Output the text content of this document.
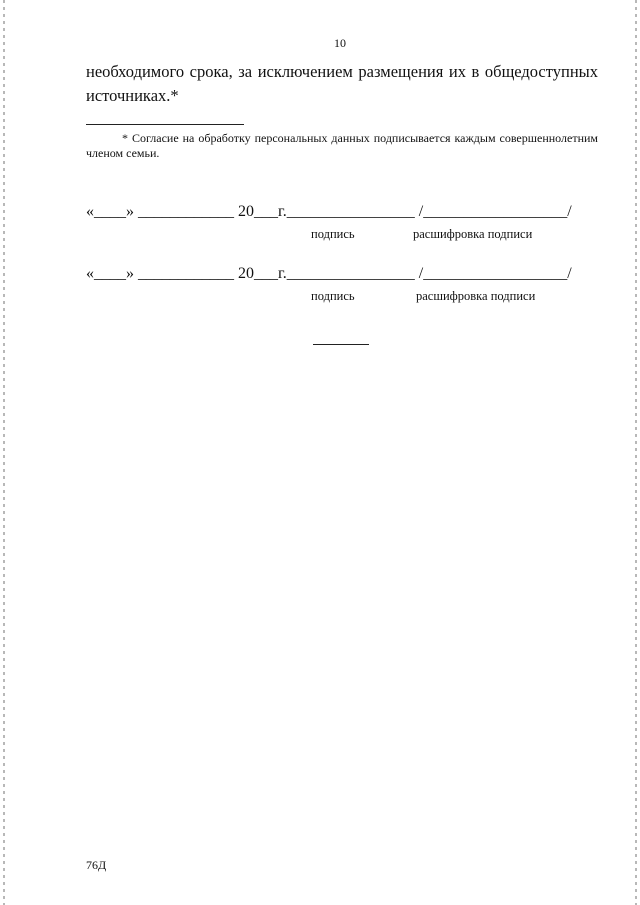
10
необходимого срока, за исключением размещения их в общедоступных источниках.*
* Согласие на обработку персональных данных подписывается каждым совершеннолетним членом семьи.
«____» ____________ 20___г.________________ /__________________/
подпись	расшифровка подписи
«____» ____________ 20___г.________________ /__________________/
подпись	расшифровка подписи
76Д
